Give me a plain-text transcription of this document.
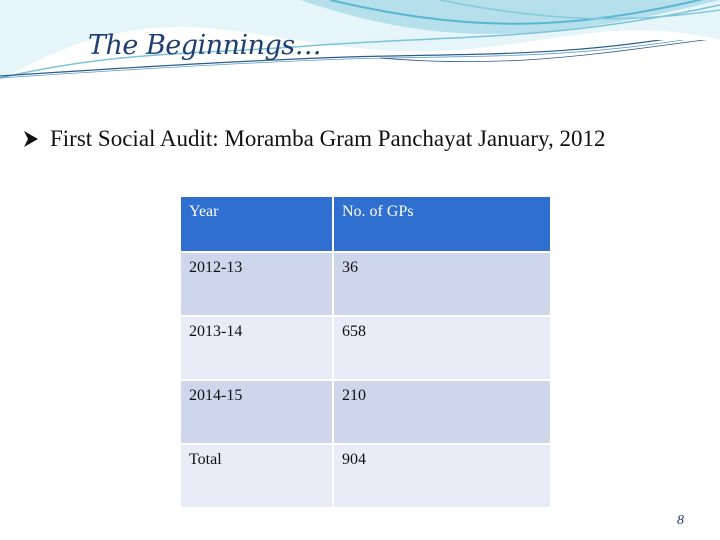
The Beginnings…
First Social Audit: Moramba Gram Panchayat January, 2012
Year	No. of GPs
2012-13	36
2013-14	658
2014-15	210
Total	904
8
